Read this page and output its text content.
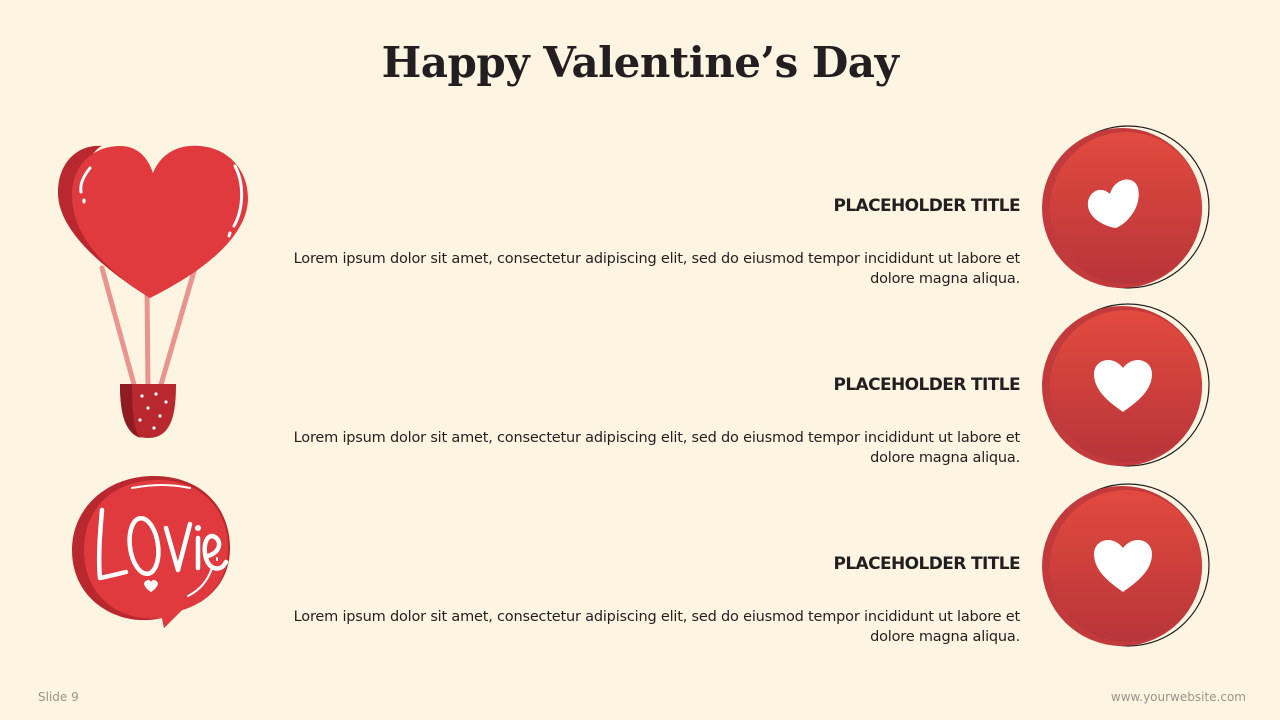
Happy Valentine’s Day
PLACEHOLDER TITLE
Lorem ipsum dolor sit amet, consectetur adipiscing elit, sed do eiusmod tempor incididunt ut labore et dolore magna aliqua.
PLACEHOLDER TITLE
Lorem ipsum dolor sit amet, consectetur adipiscing elit, sed do eiusmod tempor incididunt ut labore et dolore magna aliqua.
PLACEHOLDER TITLE
Lorem ipsum dolor sit amet, consectetur adipiscing elit, sed do eiusmod tempor incididunt ut labore et dolore magna aliqua.
Slide 9	www.yourwebsite.com
